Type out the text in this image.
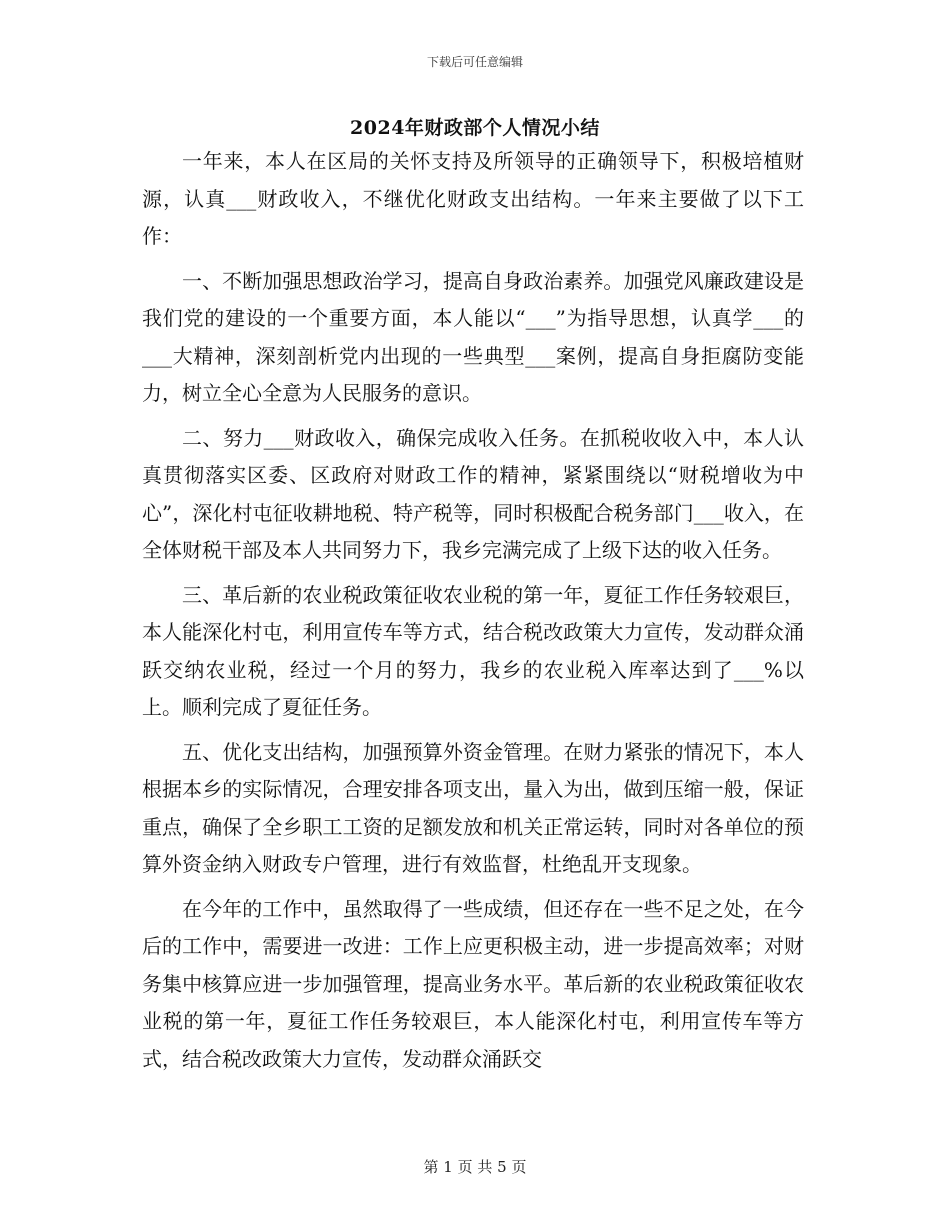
下载后可任意编辑
2024年财政部个人情况小结

一年来，本人在区局的关怀支持及所领导的正确领导下，积极培植财源，认真___财政收入，不继优化财政支出结构。一年来主要做了以下工作：

一、不断加强思想政治学习，提高自身政治素养。加强党风廉政建设是我们党的建设的一个重要方面，本人能以“___”为指导思想，认真学___的___大精神，深刻剖析党内出现的一些典型___案例，提高自身拒腐防变能力，树立全心全意为人民服务的意识。

二、努力___财政收入，确保完成收入任务。在抓税收收入中，本人认真贯彻落实区委、区政府对财政工作的精神，紧紧围绕以“财税增收为中心”，深化村屯征收耕地税、特产税等，同时积极配合税务部门___收入，在全体财税干部及本人共同努力下，我乡完满完成了上级下达的收入任务。

三、革后新的农业税政策征收农业税的第一年，夏征工作任务较艰巨，本人能深化村屯，利用宣传车等方式，结合税改政策大力宣传，发动群众涌跃交纳农业税，经过一个月的努力，我乡的农业税入库率达到了___%以上。顺利完成了夏征任务。

五、优化支出结构，加强预算外资金管理。在财力紧张的情况下，本人根据本乡的实际情况，合理安排各项支出，量入为出，做到压缩一般，保证重点，确保了全乡职工工资的足额发放和机关正常运转，同时对各单位的预算外资金纳入财政专户管理，进行有效监督，杜绝乱开支现象。

在今年的工作中，虽然取得了一些成绩，但还存在一些不足之处，在今后的工作中，需要进一改进：工作上应更积极主动，进一步提高效率；对财务集中核算应进一步加强管理，提高业务水平。革后新的农业税政策征收农业税的第一年，夏征工作任务较艰巨，本人能深化村屯，利用宣传车等方式，结合税改政策大力宣传，发动群众涌跃交

第 1 页 共 5 页
